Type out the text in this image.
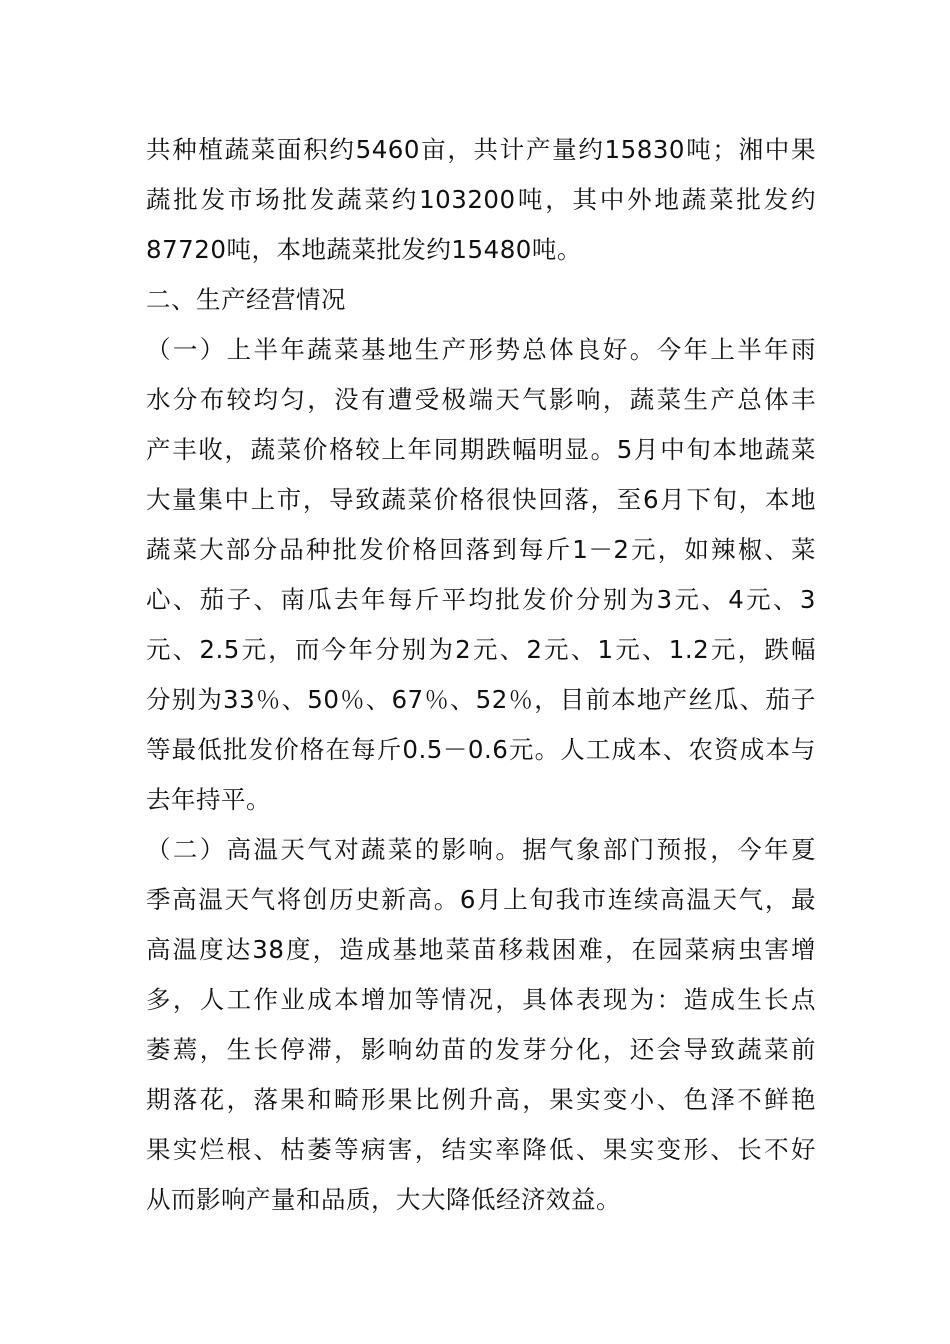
共种植蔬菜面积约5460亩，共计产量约15830吨；湘中果
蔬批发市场批发蔬菜约103200吨，其中外地蔬菜批发约
87720吨，本地蔬菜批发约15480吨。
二、生产经营情况
（一）上半年蔬菜基地生产形势总体良好。今年上半年雨
水分布较均匀，没有遭受极端天气影响，蔬菜生产总体丰
产丰收，蔬菜价格较上年同期跌幅明显。5月中旬本地蔬菜
大量集中上市，导致蔬菜价格很快回落，至6月下旬，本地
蔬菜大部分品种批发价格回落到每斤1－2元，如辣椒、菜
心、茄子、南瓜去年每斤平均批发价分别为3元、4元、3
元、2.5元，而今年分别为2元、2元、1元、1.2元，跌幅
分别为33％、50％、67％、52％，目前本地产丝瓜、茄子
等最低批发价格在每斤0.5－0.6元。人工成本、农资成本与
去年持平。
（二）高温天气对蔬菜的影响。据气象部门预报，今年夏
季高温天气将创历史新高。6月上旬我市连续高温天气，最
高温度达38度，造成基地菜苗移栽困难，在园菜病虫害增
多，人工作业成本增加等情况，具体表现为：造成生长点
萎蔫，生长停滞，影响幼苗的发芽分化，还会导致蔬菜前
期落花，落果和畸形果比例升高，果实变小、色泽不鲜艳
果实烂根、枯萎等病害，结实率降低、果实变形、长不好
从而影响产量和品质，大大降低经济效益。
